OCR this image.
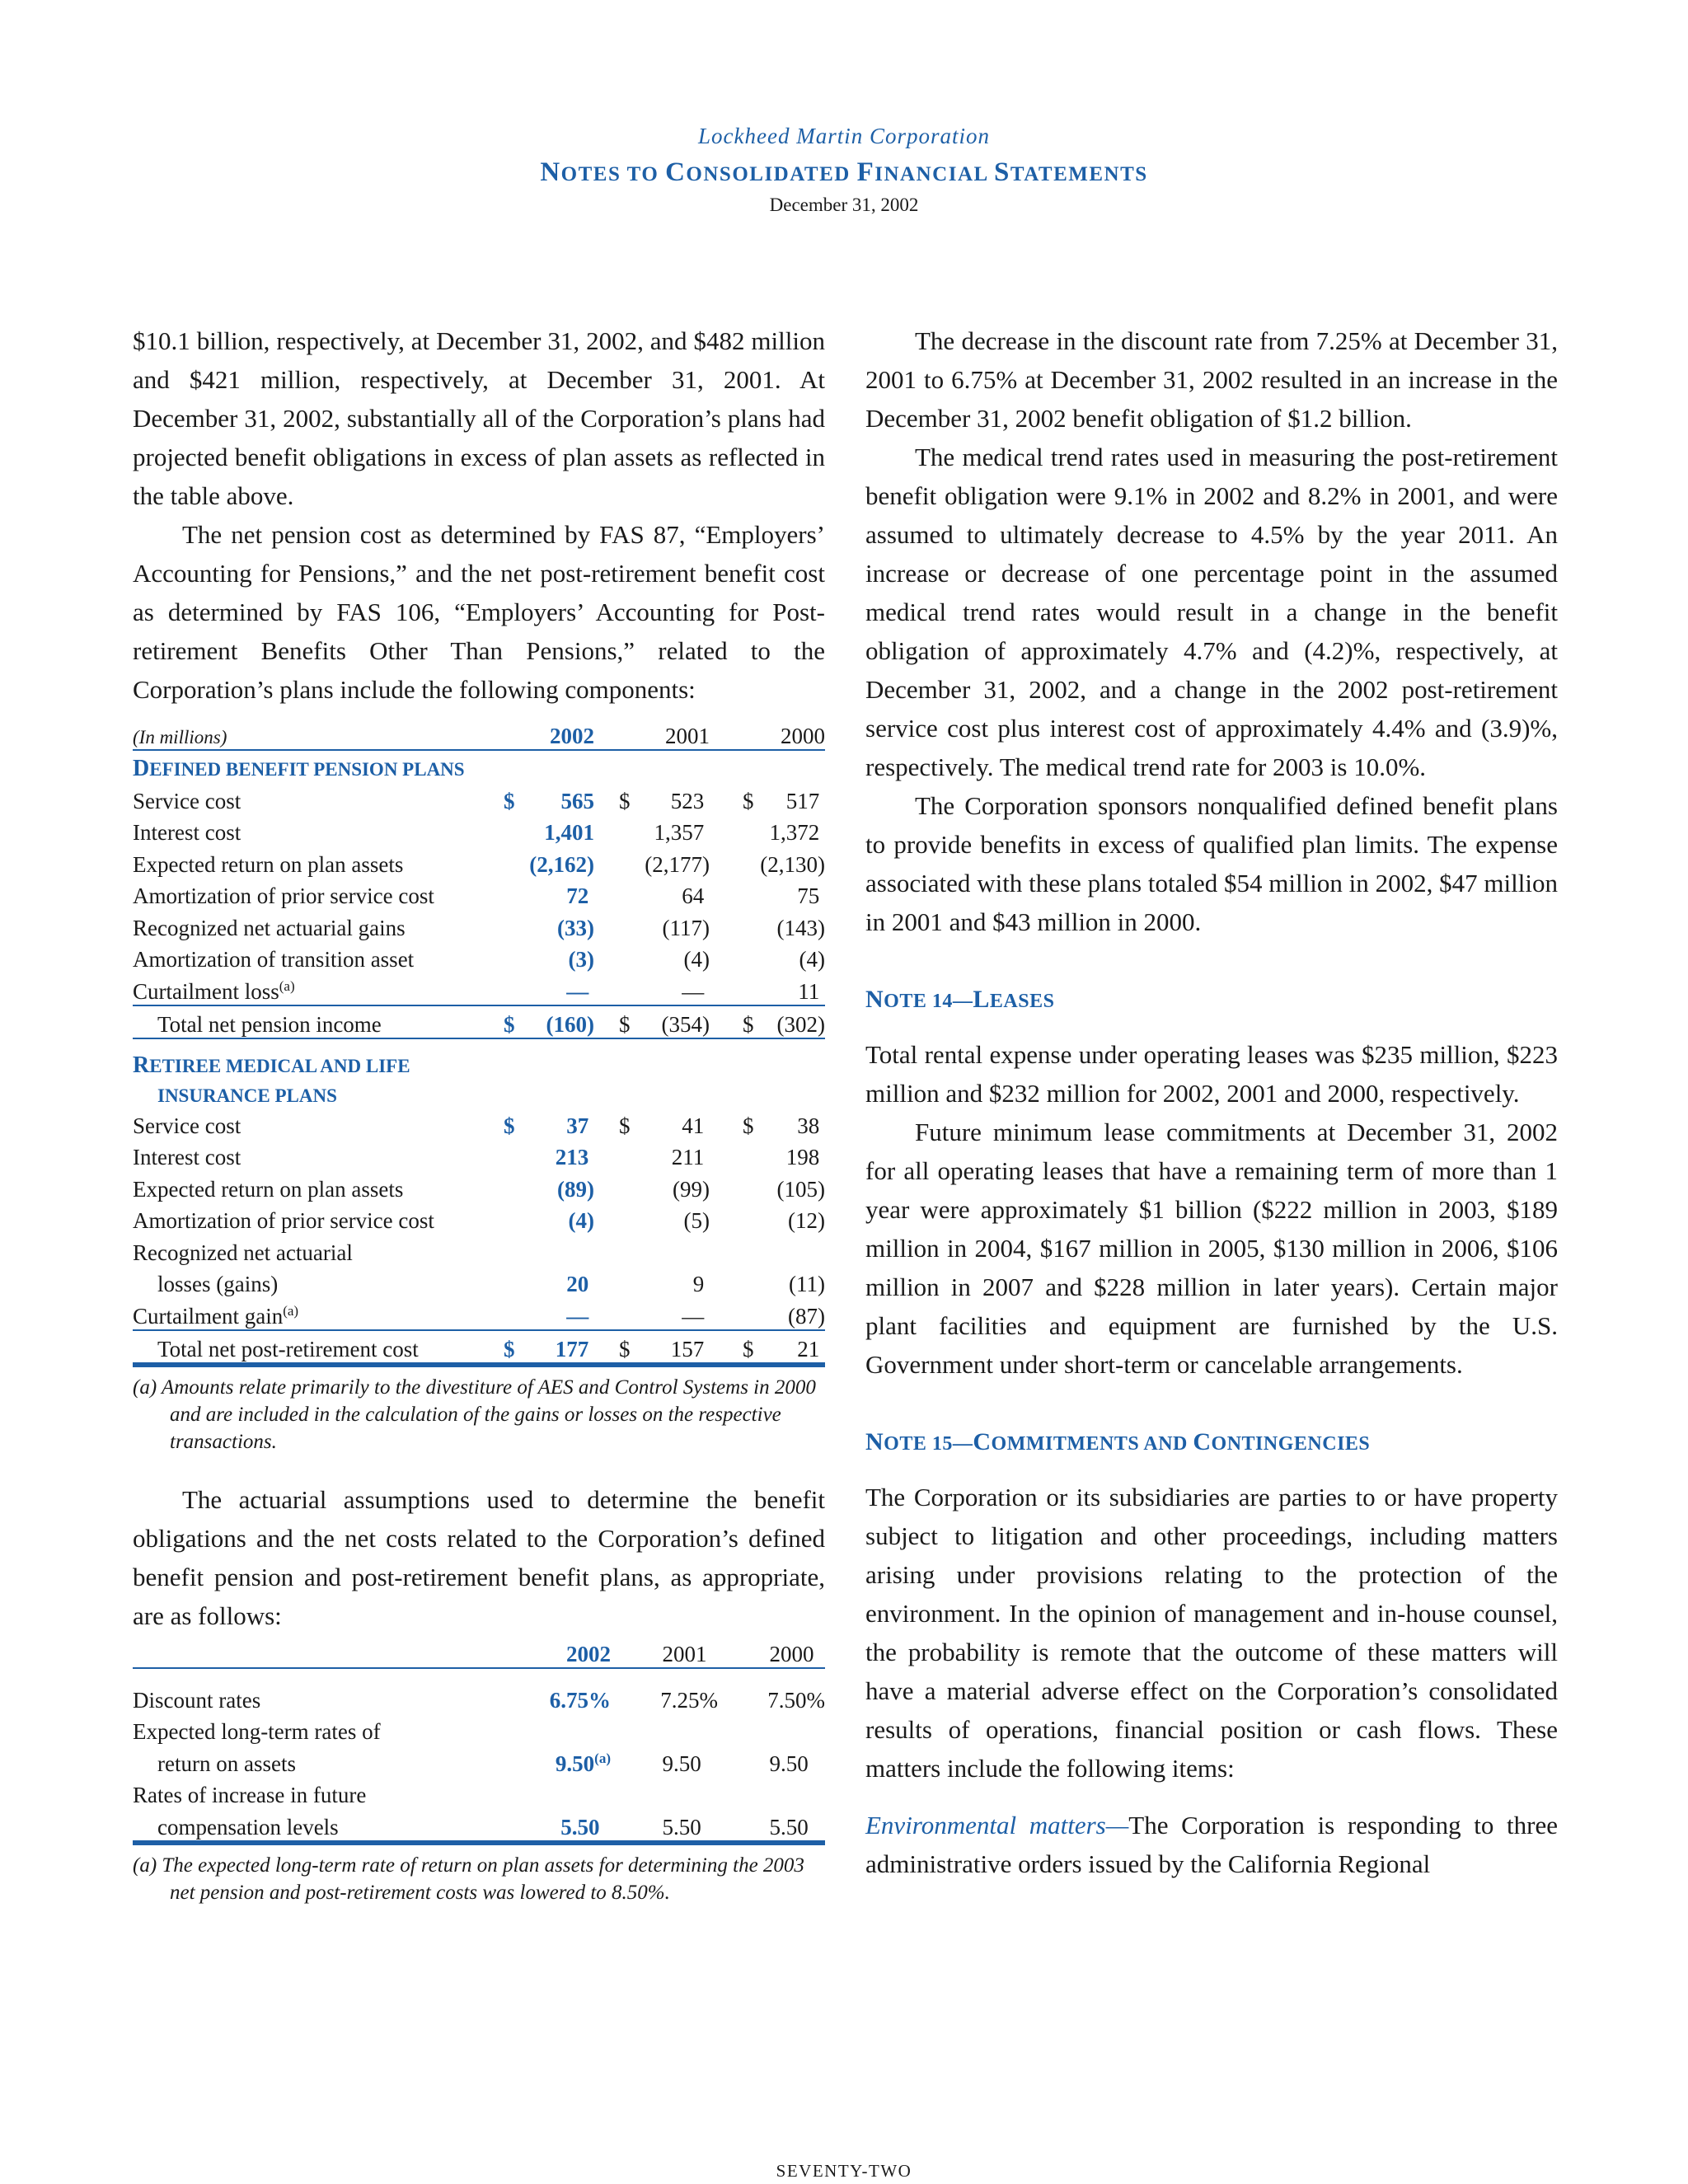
Lockheed Martin Corporation
NOTES TO CONSOLIDATED FINANCIAL STATEMENTS
December 31, 2002

$10.1 billion, respectively, at December 31, 2002, and $482 million and $421 million, respectively, at December 31, 2001. At December 31, 2002, substantially all of the Corporation’s plans had projected benefit obligations in excess of plan assets as reflected in the table above.

The net pension cost as determined by FAS 87, “Employers’ Accounting for Pensions,” and the net post-retirement benefit cost as determined by FAS 106, “Employers’ Accounting for Post-retirement Benefits Other Than Pensions,” related to the Corporation’s plans include the following components:

(In millions)	2002	2001	2000
DEFINED BENEFIT PENSION PLANS			
Service cost	$ 565	$ 523	$ 517
Interest cost	1,401	1,357	1,372
Expected return on plan assets	(2,162)	(2,177)	(2,130)
Amortization of prior service cost	72	64	75
Recognized net actuarial gains	(33)	(117)	(143)
Amortization of transition asset	(3)	(4)	(4)
Curtailment loss$^{(a)}$	—	—	11
Total net pension income	$ (160)	$ (354)	$ (302)
RETIREE MEDICAL AND LIFE			
INSURANCE PLANS			
Service cost	$ 37	$ 41	$ 38
Interest cost	213	211	198
Expected return on plan assets	(89)	(99)	(105)
Amortization of prior service cost	(4)	(5)	(12)
Recognized net actuarial			
losses (gains)	20	9	(11)
Curtailment gain$^{(a)}$	—	—	(87)
Total net post-retirement cost	$ 177	$ 157	$ 21
(a) Amounts relate primarily to the divestiture of AES and Control Systems in 2000 and are included in the calculation of the gains or losses on the respective transactions.

The actuarial assumptions used to determine the benefit obligations and the net costs related to the Corporation’s defined benefit pension and post-retirement benefit plans, as appropriate, are as follows:

	2002	2001	2000
Discount rates	6.75%	7.25%	7.50%
Expected long-term rates of			
return on assets	9.50$^{(a)}$	9.50	9.50
Rates of increase in future			
compensation levels	5.50	5.50	5.50
(a) The expected long-term rate of return on plan assets for determining the 2003 net pension and post-retirement costs was lowered to 8.50%.

The decrease in the discount rate from 7.25% at December 31, 2001 to 6.75% at December 31, 2002 resulted in an increase in the December 31, 2002 benefit obligation of $1.2 billion.

The medical trend rates used in measuring the post-retirement benefit obligation were 9.1% in 2002 and 8.2% in 2001, and were assumed to ultimately decrease to 4.5% by the year 2011. An increase or decrease of one percentage point in the assumed medical trend rates would result in a change in the benefit obligation of approximately 4.7% and (4.2)%, respectively, at December 31, 2002, and a change in the 2002 post-retirement service cost plus interest cost of approximately 4.4% and (3.9)%, respectively. The medical trend rate for 2003 is 10.0%.

The Corporation sponsors nonqualified defined benefit plans to provide benefits in excess of qualified plan limits. The expense associated with these plans totaled $54 million in 2002, $47 million in 2001 and $43 million in 2000.

NOTE 14—LEASES

Total rental expense under operating leases was $235 million, $223 million and $232 million for 2002, 2001 and 2000, respectively.

Future minimum lease commitments at December 31, 2002 for all operating leases that have a remaining term of more than 1 year were approximately $1 billion ($222 million in 2003, $189 million in 2004, $167 million in 2005, $130 million in 2006, $106 million in 2007 and $228 million in later years). Certain major plant facilities and equipment are furnished by the U.S. Government under short-term or cancelable arrangements.

NOTE 15—COMMITMENTS AND CONTINGENCIES

The Corporation or its subsidiaries are parties to or have property subject to litigation and other proceedings, including matters arising under provisions relating to the protection of the environment. In the opinion of management and in-house counsel, the probability is remote that the outcome of these matters will have a material adverse effect on the Corporation’s consolidated results of operations, financial position or cash flows. These matters include the following items:

Environmental matters—The Corporation is responding to three administrative orders issued by the California Regional

SEVENTY-TWO
